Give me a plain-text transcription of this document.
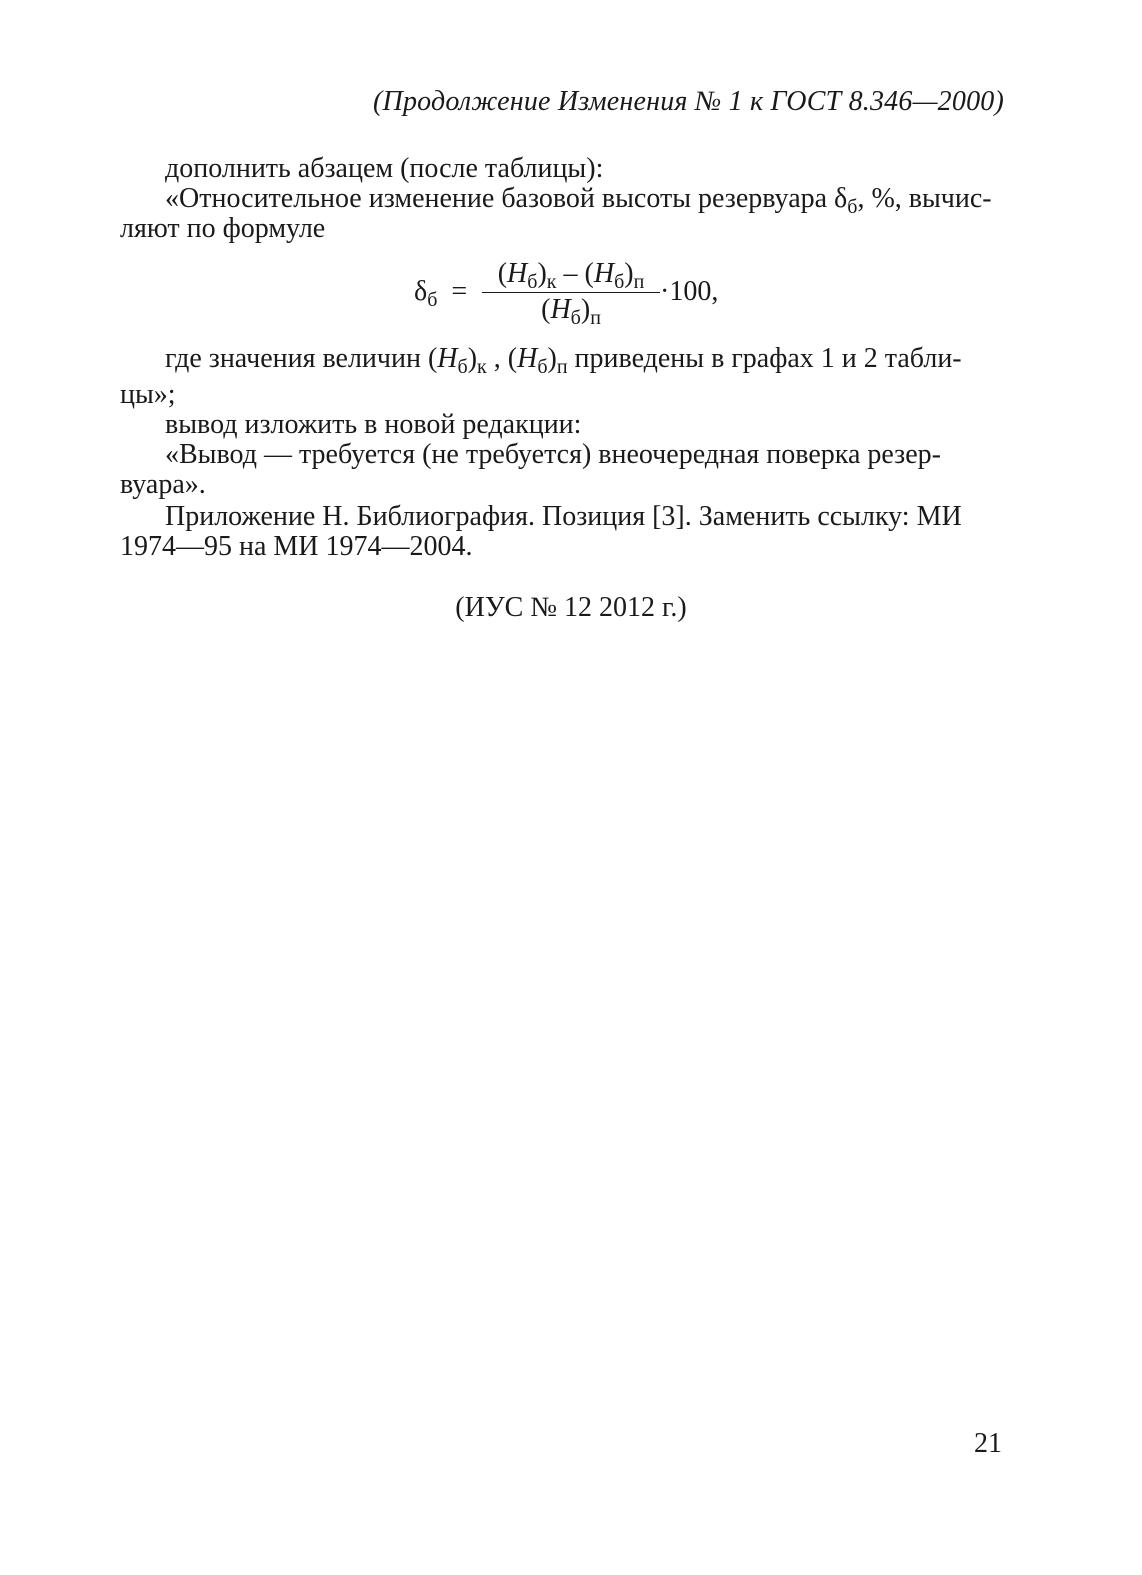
(Продолжение Изменения № 1 к ГОСТ 8.346—2000)
дополнить абзацем (после таблицы):
«Относительное изменение базовой высоты резервуара $\delta_б$, %, вычис-
ляют по формуле
$\delta_б$ =
$(H_б)_к - (H_б)_п$
$(H_б)_п$
·100,
где значения величин $(H_б)_к$ , $(H_б)_п$ приведены в графах 1 и 2 табли-
цы»;
вывод изложить в новой редакции:
«Вывод — требуется (не требуется) внеочередная поверка резер-
вуара».
Приложение Н. Библиография. Позиция [3]. Заменить ссылку: МИ
1974—95 на МИ 1974—2004.
(ИУС № 12 2012 г.)
21
